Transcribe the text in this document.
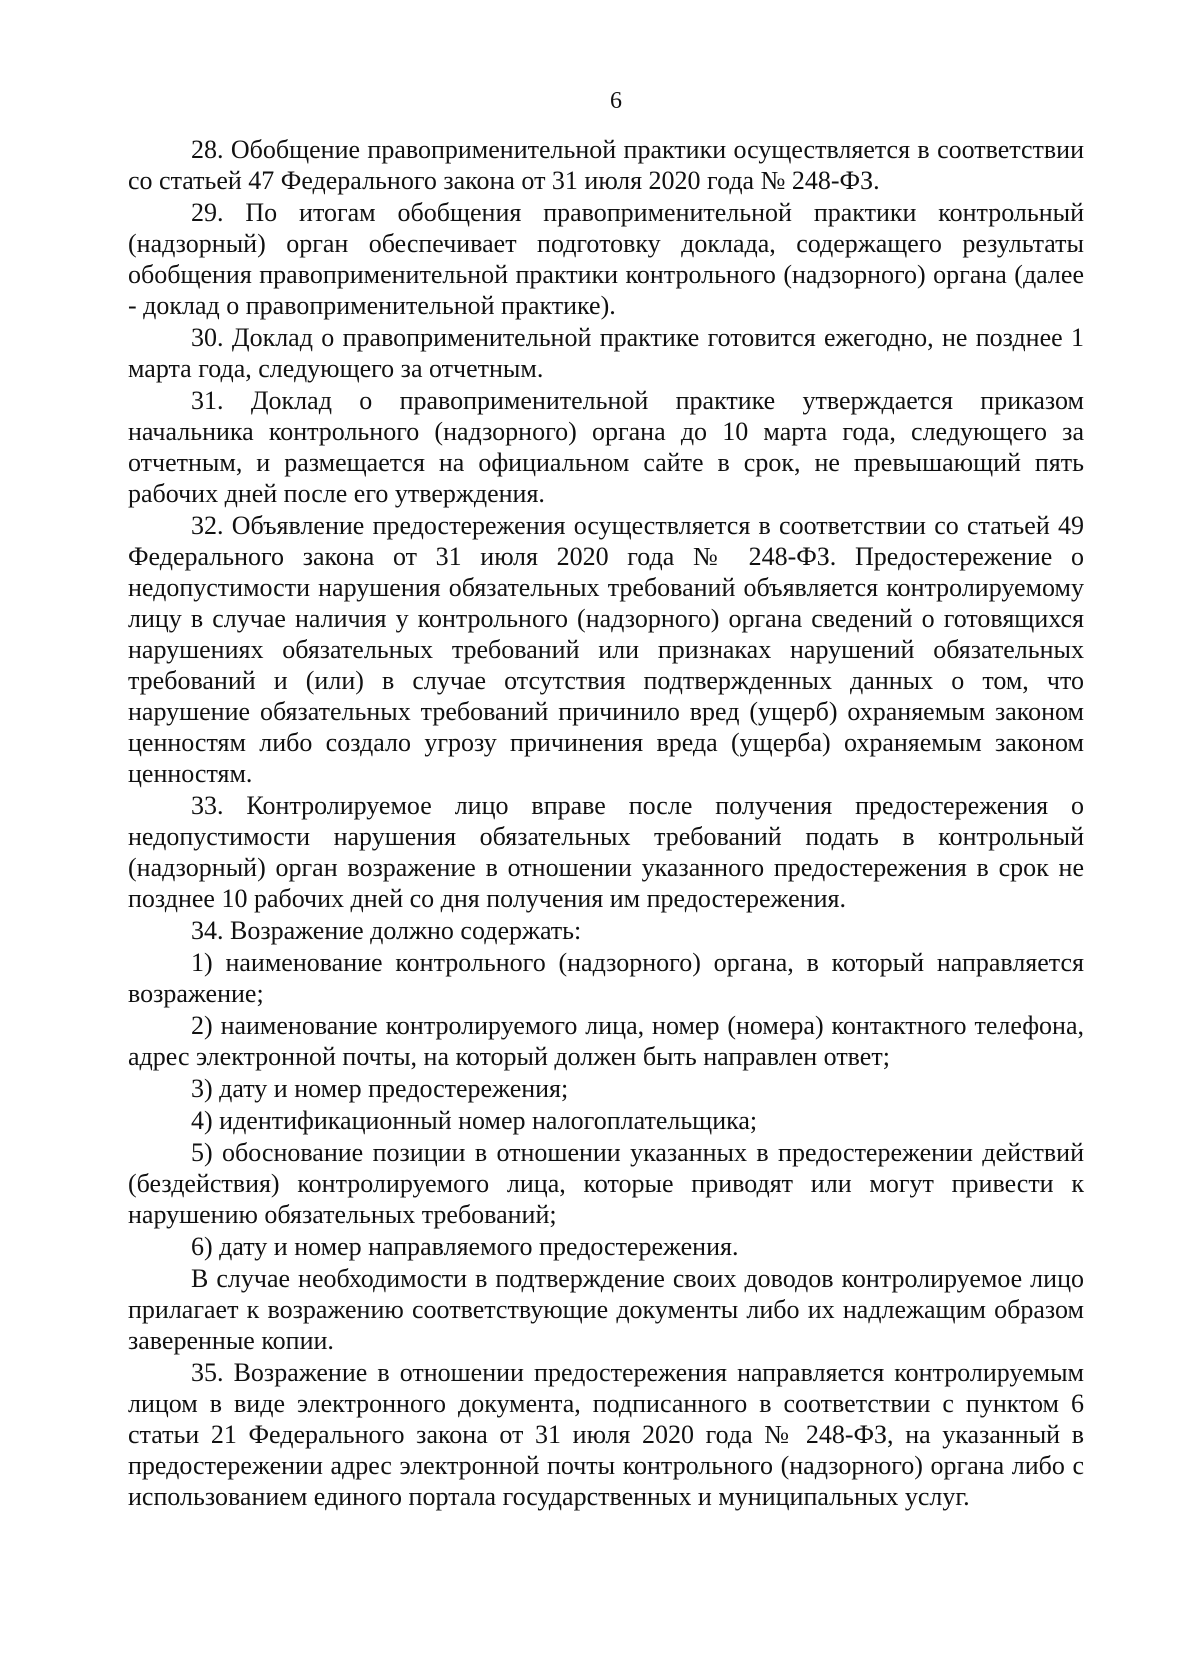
6

28. Обобщение правоприменительной практики осуществляется в соответствии со статьей 47 Федерального закона от 31 июля 2020 года № 248-ФЗ.

29. По итогам обобщения правоприменительной практики контрольный (надзорный) орган обеспечивает подготовку доклада, содержащего результаты обобщения правоприменительной практики контрольного (надзорного) органа (далее - доклад о правоприменительной практике).

30. Доклад о правоприменительной практике готовится ежегодно, не позднее 1 марта года, следующего за отчетным.

31. Доклад о правоприменительной практике утверждается приказом начальника контрольного (надзорного) органа до 10 марта года, следующего за отчетным, и размещается на официальном сайте в срок, не превышающий пять рабочих дней после его утверждения.

32. Объявление предостережения осуществляется в соответствии со статьей 49 Федерального закона от 31 июля 2020 года № 248-ФЗ. Предостережение о недопустимости нарушения обязательных требований объявляется контролируемому лицу в случае наличия у контрольного (надзорного) органа сведений о готовящихся нарушениях обязательных требований или признаках нарушений обязательных требований и (или) в случае отсутствия подтвержденных данных о том, что нарушение обязательных требований причинило вред (ущерб) охраняемым законом ценностям либо создало угрозу причинения вреда (ущерба) охраняемым законом ценностям.

33. Контролируемое лицо вправе после получения предостережения о недопустимости нарушения обязательных требований подать в контрольный (надзорный) орган возражение в отношении указанного предостережения в срок не позднее 10 рабочих дней со дня получения им предостережения.

34. Возражение должно содержать:

1) наименование контрольного (надзорного) органа, в который направляется возражение;

2) наименование контролируемого лица, номер (номера) контактного телефона, адрес электронной почты, на который должен быть направлен ответ;

3) дату и номер предостережения;

4) идентификационный номер налогоплательщика;

5) обоснование позиции в отношении указанных в предостережении действий (бездействия) контролируемого лица, которые приводят или могут привести к нарушению обязательных требований;

6) дату и номер направляемого предостережения.

В случае необходимости в подтверждение своих доводов контролируемое лицо прилагает к возражению соответствующие документы либо их надлежащим образом заверенные копии.

35. Возражение в отношении предостережения направляется контролируемым лицом в виде электронного документа, подписанного в соответствии с пунктом 6 статьи 21 Федерального закона от 31 июля 2020 года № 248-ФЗ, на указанный в предостережении адрес электронной почты контрольного (надзорного) органа либо с использованием единого портала государственных и муниципальных услуг.
